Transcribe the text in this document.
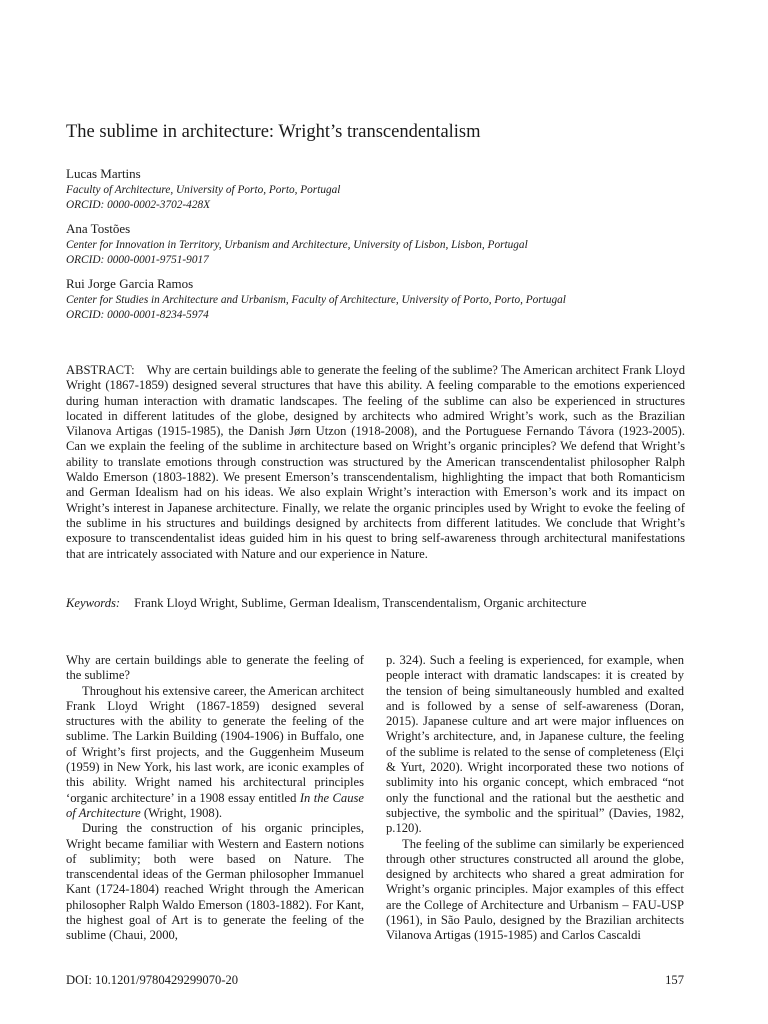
The sublime in architecture: Wright’s transcendentalism
Lucas Martins
Faculty of Architecture, University of Porto, Porto, Portugal
ORCID: 0000-0002-3702-428X
Ana Tostões
Center for Innovation in Territory, Urbanism and Architecture, University of Lisbon, Lisbon, Portugal
ORCID: 0000-0001-9751-9017
Rui Jorge Garcia Ramos
Center for Studies in Architecture and Urbanism, Faculty of Architecture, University of Porto, Porto, Portugal
ORCID: 0000-0001-8234-5974
ABSTRACT: Why are certain buildings able to generate the feeling of the sublime? The American architect Frank Lloyd Wright (1867-1859) designed several structures that have this ability. A feeling comparable to the emotions experienced during human interaction with dramatic landscapes. The feeling of the sublime can also be experienced in structures located in different latitudes of the globe, designed by architects who admired Wright’s work, such as the Brazilian Vilanova Artigas (1915-1985), the Danish Jørn Utzon (1918-2008), and the Portuguese Fernando Távora (1923-2005). Can we explain the feeling of the sublime in architecture based on Wright’s organic principles? We defend that Wright’s ability to translate emotions through construction was structured by the American transcendentalist philosopher Ralph Waldo Emerson (1803-1882). We present Emerson’s transcendentalism, highlighting the impact that both Romanticism and German Idealism had on his ideas. We also explain Wright’s interaction with Emerson’s work and its impact on Wright’s interest in Japanese architecture. Finally, we relate the organic principles used by Wright to evoke the feeling of the sublime in his structures and buildings designed by architects from different latitudes. We conclude that Wright’s exposure to transcendentalist ideas guided him in his quest to bring self-awareness through architectural manifestations that are intricately associated with Nature and our experience in Nature.
Keywords: Frank Lloyd Wright, Sublime, German Idealism, Transcendentalism, Organic architecture

Why are certain buildings able to generate the feeling of the sublime?

Throughout his extensive career, the American architect Frank Lloyd Wright (1867-1859) designed several structures with the ability to generate the feeling of the sublime. The Larkin Building (1904-1906) in Buffalo, one of Wright’s first projects, and the Guggenheim Museum (1959) in New York, his last work, are iconic examples of this ability. Wright named his architectural principles ‘organic architecture’ in a 1908 essay entitled In the Cause of Architecture (Wright, 1908).

During the construction of his organic principles, Wright became familiar with Western and Eastern notions of sublimity; both were based on Nature. The transcendental ideas of the German philosopher Immanuel Kant (1724-1804) reached Wright through the American philosopher Ralph Waldo Emerson (1803-1882). For Kant, the highest goal of Art is to generate the feeling of the sublime (Chaui, 2000,

p. 324). Such a feeling is experienced, for example, when people interact with dramatic landscapes: it is created by the tension of being simultaneously humbled and exalted and is followed by a sense of self-awareness (Doran, 2015). Japanese culture and art were major influences on Wright’s architecture, and, in Japanese culture, the feeling of the sublime is related to the sense of completeness (Elçi & Yurt, 2020). Wright incorporated these two notions of sublimity into his organic concept, which embraced “not only the functional and the rational but the aesthetic and subjective, the symbolic and the spiritual” (Davies, 1982, p.120).

The feeling of the sublime can similarly be experienced through other structures constructed all around the globe, designed by architects who shared a great admiration for Wright’s organic principles. Major examples of this effect are the College of Architecture and Urbanism – FAU-USP (1961), in São Paulo, designed by the Brazilian architects Vilanova Artigas (1915-1985) and Carlos Cascaldi

DOI: 10.1201/9780429299070-20	157
